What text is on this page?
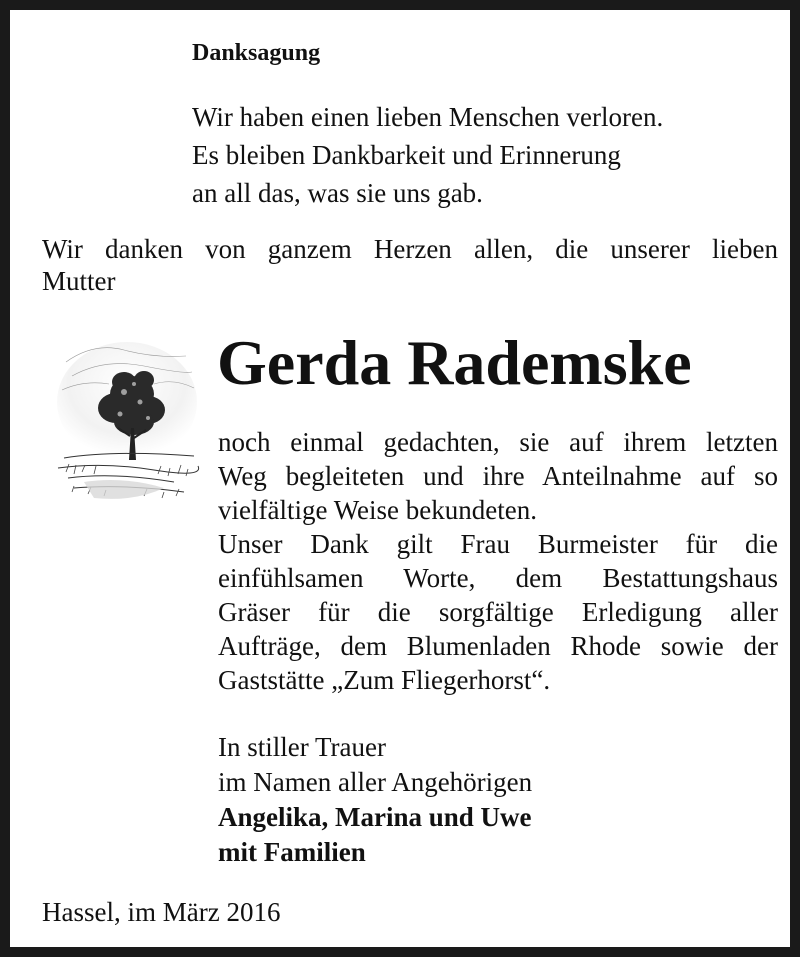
Danksagung
Wir haben einen lieben Menschen verloren.
Es bleiben Dankbarkeit und Erinnerung
an all das, was sie uns gab.
Wir danken von ganzem Herzen allen, die unserer lieben
Mutter
Gerda Rademske
noch einmal gedachten, sie auf ihrem letzten
Weg begleiteten und ihre Anteilnahme auf so
vielfältige Weise bekundeten.
Unser Dank gilt Frau Burmeister für die
einfühlsamen Worte, dem Bestattungshaus
Gräser für die sorgfältige Erledigung aller
Aufträge, dem Blumenladen Rhode sowie der
Gaststätte „Zum Fliegerhorst“.
In stiller Trauer
im Namen aller Angehörigen
Angelika, Marina und Uwe
mit Familien
Hassel, im März 2016
